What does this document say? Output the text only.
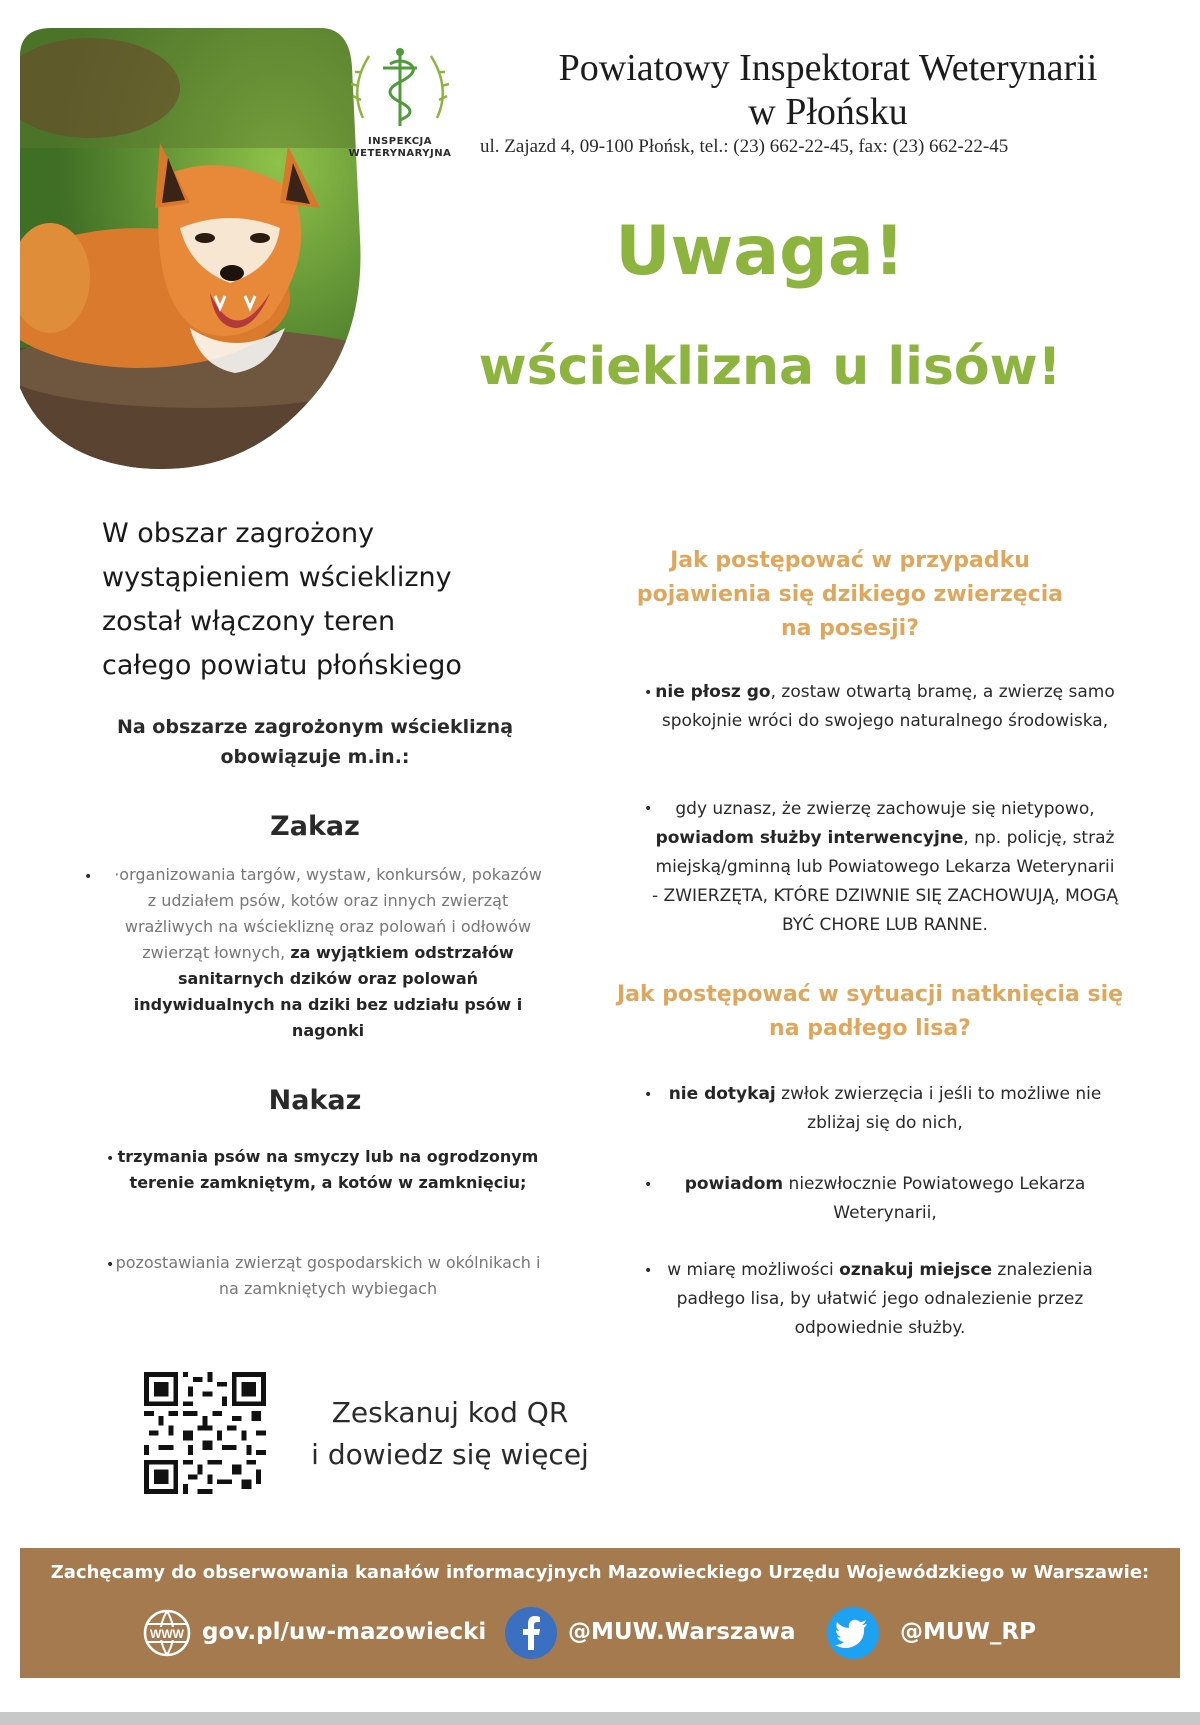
INSPEKCJA
WETERYNARYJNA
Powiatowy Inspektorat Weterynarii
w Płońsku
ul. Zajazd 4, 09-100 Płońsk, tel.: (23) 662-22-45, fax: (23) 662-22-45
Uwaga!
wścieklizna u lisów!
W obszar zagrożony
wystąpieniem wścieklizny
został włączony teren
całego powiatu płońskiego
Na obszarze zagrożonym wścieklizną obowiązuje m.in.:
Zakaz
•	·organizowania targów, wystaw, konkursów, pokazów z udziałem psów, kotów oraz innych zwierząt wrażliwych na wściekliznę oraz polowań i odłowów zwierząt łownych, za wyjątkiem odstrzałów sanitarnych dzików oraz polowań indywidualnych na dziki bez udziału psów i nagonki
Nakaz
• trzymania psów na smyczy lub na ogrodzonym terenie zamkniętym, a kotów w zamknięciu;
• pozostawiania zwierząt gospodarskich w okólnikach i na zamkniętych wybiegach
Zeskanuj kod QR
i dowiedz się więcej
Jak postępować w przypadku
pojawienia się dzikiego zwierzęcia
na posesji?
• nie płosz go, zostaw otwartą bramę, a zwierzę samo spokojnie wróci do swojego naturalnego środowiska,
•	gdy uznasz, że zwierzę zachowuje się nietypowo, powiadom służby interwencyjne, np. policję, straż miejską/gminną lub Powiatowego Lekarza Weterynarii - ZWIERZĘTA, KTÓRE DZIWNIE SIĘ ZACHOWUJĄ, MOGĄ BYĆ CHORE LUB RANNE.
Jak postępować w sytuacji natknięcia się
na padłego lisa?
• nie dotykaj zwłok zwierzęcia i jeśli to możliwe nie zbliżaj się do nich,
•	powiadom niezwłocznie Powiatowego Lekarza Weterynarii,
• w miarę możliwości oznakuj miejsce znalezienia padłego lisa, by ułatwić jego odnalezienie przez odpowiednie służby.
Zachęcamy do obserwowania kanałów informacyjnych Mazowieckiego Urzędu Wojewódzkiego w Warszawie:
WWW gov.pl/uw-mazowiecki	@MUW.Warszawa	@MUW_RP
